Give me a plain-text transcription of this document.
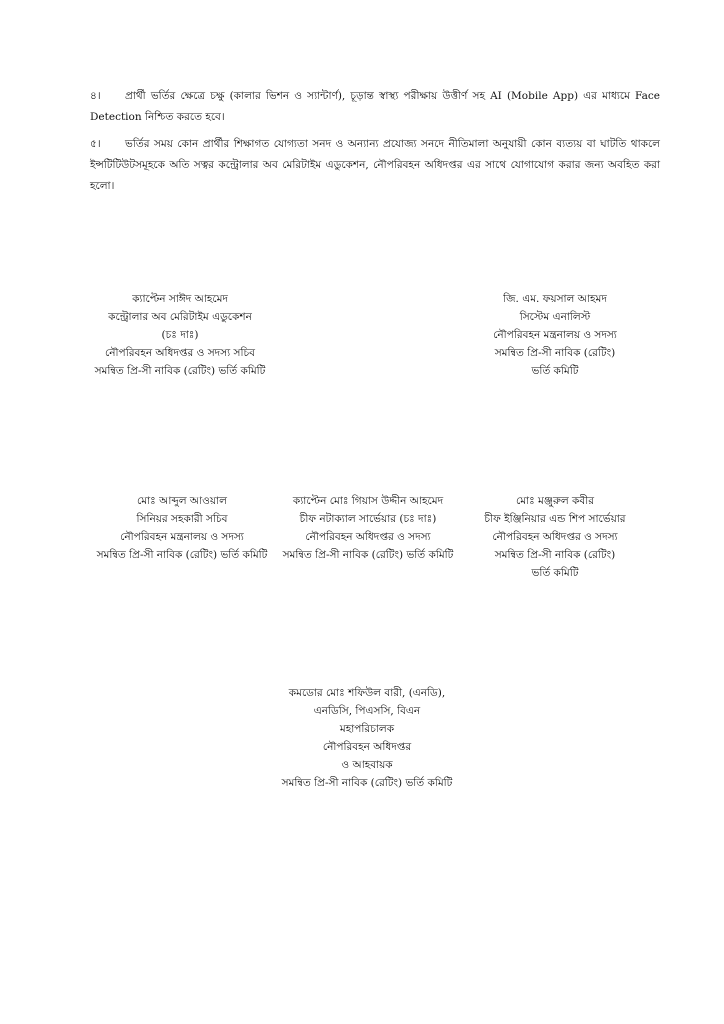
৪। প্রার্থী ভর্তির ক্ষেত্রে চক্ষু (কালার ভিশন ও স্যান্টার্ণ), চূড়ান্ত স্বাস্থ্য পরীক্ষায় উত্তীর্ণ সহ AI (Mobile App) এর মাধ্যমে Face Detection নিশ্চিত করতে হবে।

৫। ভর্তির সময় কোন প্রার্থীর শিক্ষাগত যোগ্যতা সনদ ও অন্যান্য প্রযোজ্য সনদে নীতিমালা অনুযায়ী কোন ব্যত্যয় বা ঘাটতি থাকলে ইন্সটিটিউটসমূহকে অতি সত্বর কন্ট্রোলার অব মেরিটাইম এডুকেশন, নৌপরিবহন অধিদপ্তর এর সাথে যোগাযোগ করার জন্য অবহিত করা হলো।

ক্যাপ্টেন সাঈদ আহমেদ
কন্ট্রোলার অব মেরিটাইম এডুকেশন
(চঃ দাঃ)
নৌপরিবহন অধিদপ্তর ও সদস্য সচিব
সমন্বিত প্রি-সী নাবিক (রেটিং) ভর্তি কমিটি
জি. এম. ফয়সাল আহমদ
সিস্টেম এনালিস্ট
নৌপরিবহন মন্ত্রনালয় ও সদস্য
সমন্বিত প্রি-সী নাবিক (রেটিং)
ভর্তি কমিটি
মোঃ আব্দুল আওয়াল
সিনিয়র সহকারী সচিব
নৌপরিবহন মন্ত্রনালয় ও সদস্য
সমন্বিত প্রি-সী নাবিক (রেটিং) ভর্তি কমিটি
ক্যাপ্টেন মোঃ গিয়াস উদ্দীন আহমেদ
চীফ নটাক্যাল সার্ভেয়ার (চঃ দাঃ)
নৌপরিবহন অধিদপ্তর ও সদস্য
সমন্বিত প্রি-সী নাবিক (রেটিং) ভর্তি কমিটি
মোঃ মঞ্জুরুল কবীর
চীফ ইঞ্জিনিয়ার এন্ড শিপ সার্ভেয়ার
নৌপরিবহন অধিদপ্তর ও সদস্য
সমন্বিত প্রি-সী নাবিক (রেটিং)
ভর্তি কমিটি
কমডোর মোঃ শফিউল বারী, (এনডি),
এনডিসি, পিএসসি, বিএন
মহাপরিচালক
নৌপরিবহন অধিদপ্তর
ও আহবায়ক
সমন্বিত প্রি-সী নাবিক (রেটিং) ভর্তি কমিটি
